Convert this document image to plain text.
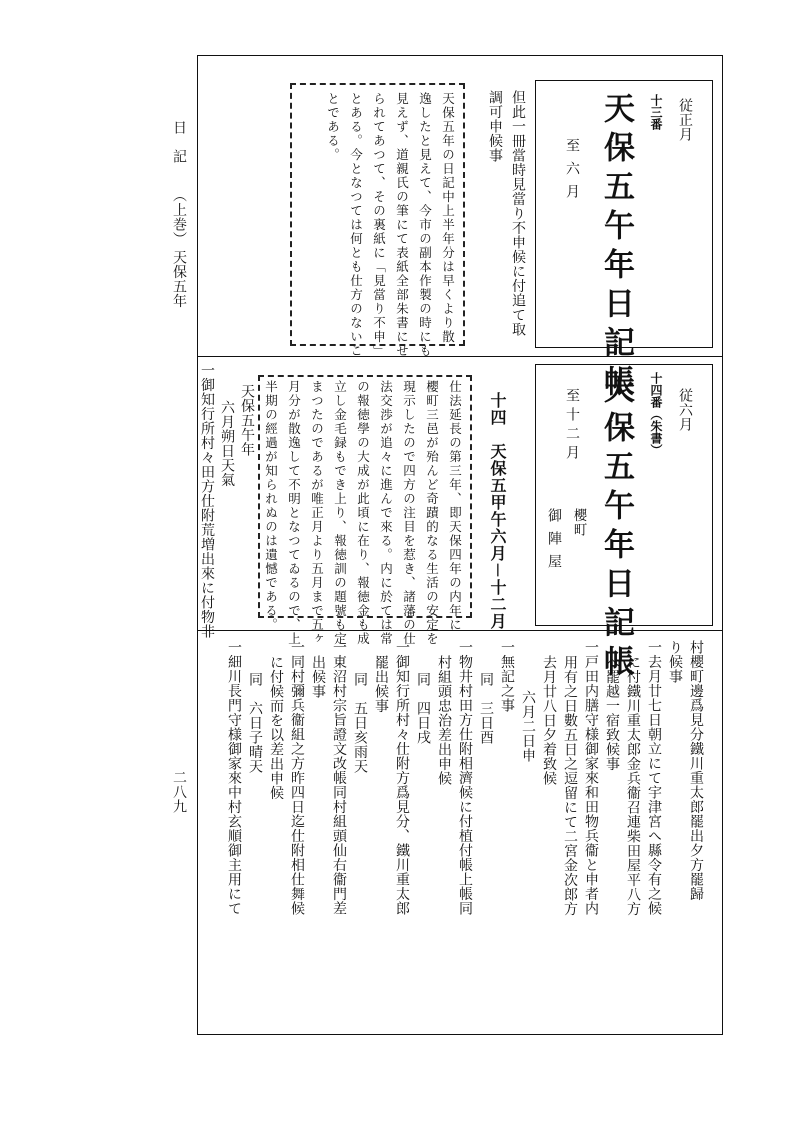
日　記
（上巻）
天保五年
二八九
従正月
十三番
天保五午年日記帳
至六月
但此一冊當時見當り不申候に付追て取
調可申候事
天保五年の日記中上半年分は早くより散
逸したと見えて、今市の副本作製の時にも
見えず、道親氏の筆にて表紙全部朱書にせ
られてあつて、その裏紙に「見當り不申」
とある。今となつては何とも仕方のないこ
とである。
従六月
十四番（朱書）
天保五午年日記帳
至十二月
櫻町
御陣屋
十四　天保五甲午六月－十二月
仕法延長の第三年、即天保四年の内年に
櫻町三邑が殆んど奇蹟的なる生活の安定を
現示したので四方の注目を惹き、諸藩の仕
法交渉が追々に進んで來る。内に於ては常
の報徳學の大成が此頃に在り、報徳金も成
立し金毛録もでき上り、報徳訓の題號も定
まつたのであるが唯正月より五月まで五ヶ
月分が散逸して不明となつてゐるので、上
半期の經過が知られぬのは遺憾である。
天保五午年
六月朔日天氣
一御知行所村々田方仕附荒増出來に付物非
村櫻町邊爲見分鐵川重太郎罷出夕方罷歸
り候事
一去月廿七日朝立にて宇津宮へ縣令有之候
に付鐵川重太郎金兵衞召連柴田屋平八方
へ罷越一宿致候事
一戸田内膳守様御家來和田物兵衞と申者内
用有之日數五日之逗留にて二宮金次郎方
去月廿八日夕着致候
六月二日申
一無記之事
同　三日酉
一物井村田方仕附相濟候に付植付帳上帳同
村組頭忠治差出申候
同　四日戌
一御知行所村々仕附方爲見分、鐵川重太郎
罷出候事
同　五日亥雨天
一東沼村宗旨證文改帳同村組頭仙右衞門差
出候事
一同村彌兵衞組之方昨四日迄仕附相仕舞候
に付候而を以差出申候
同　六日子晴天
一細川長門守様御家來中村玄順御主用にて
